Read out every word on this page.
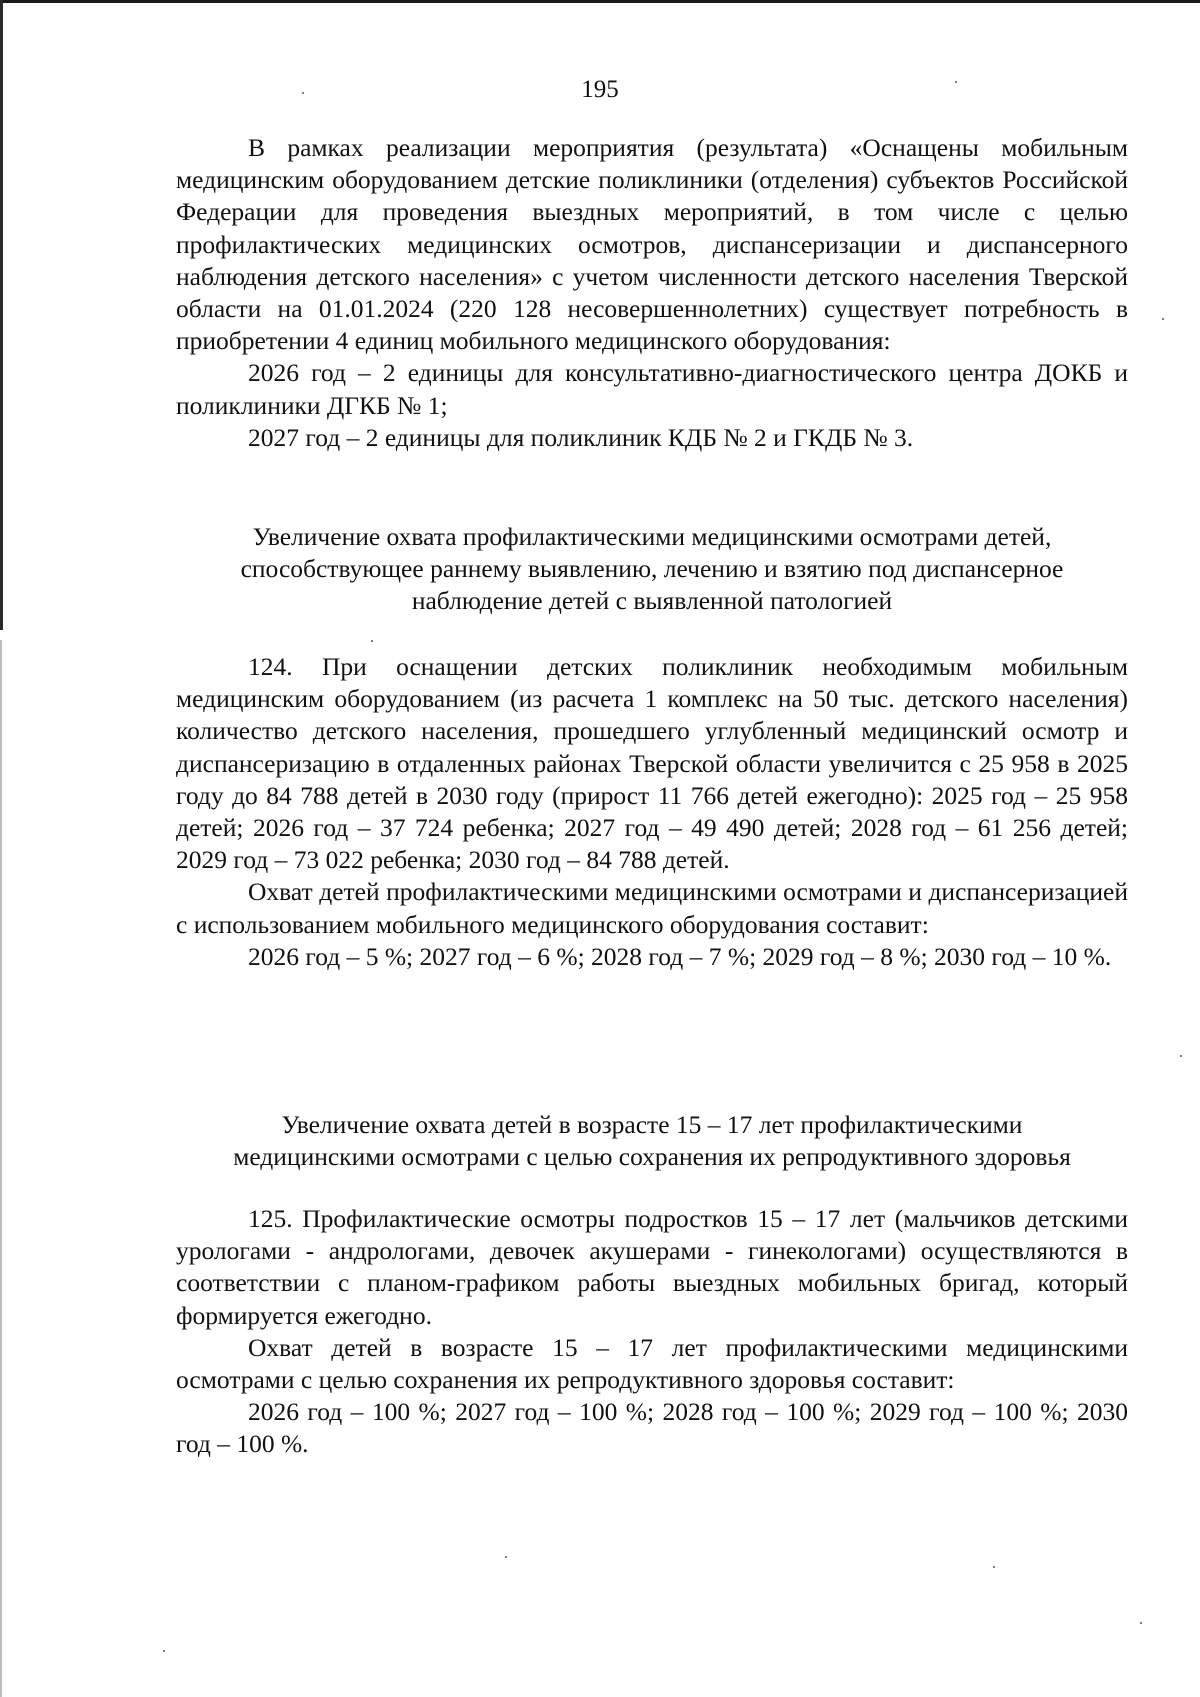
195

В рамках реализации мероприятия (результата) «Оснащены мобильным медицинским оборудованием детские поликлиники (отделения) субъектов Российской Федерации для проведения выездных мероприятий, в том числе с целью профилактических медицинских осмотров, диспансеризации и диспансерного наблюдения детского населения» с учетом численности детского населения Тверской области на 01.01.2024 (220 128 несовершеннолетних) существует потребность в приобретении 4 единиц мобильного медицинского оборудования:

2026 год – 2 единицы для консультативно-диагностического центра ДОКБ и поликлиники ДГКБ № 1;

2027 год – 2 единицы для поликлиник КДБ № 2 и ГКДБ № 3.

Увеличение охвата профилактическими медицинскими осмотрами детей,

способствующее раннему выявлению, лечению и взятию под диспансерное

наблюдение детей с выявленной патологией

124. При оснащении детских поликлиник необходимым мобильным медицинским оборудованием (из расчета 1 комплекс на 50 тыс. детского населения) количество детского населения, прошедшего углубленный медицинский осмотр и диспансеризацию в отдаленных районах Тверской области увеличится с 25 958 в 2025 году до 84 788 детей в 2030 году (прирост 11 766 детей ежегодно): 2025 год – 25 958 детей; 2026 год – 37 724 ребенка; 2027 год – 49 490 детей; 2028 год – 61 256 детей; 2029 год – 73 022 ребенка; 2030 год – 84 788 детей.

Охват детей профилактическими медицинскими осмотрами и диспансеризацией с использованием мобильного медицинского оборудования составит:

2026 год – 5 %; 2027 год – 6 %; 2028 год – 7 %; 2029 год – 8 %; 2030 год – 10 %.

Увеличение охвата детей в возрасте 15 – 17 лет профилактическими

медицинскими осмотрами с целью сохранения их репродуктивного здоровья

125. Профилактические осмотры подростков 15 – 17 лет (мальчиков детскими урологами - андрологами, девочек акушерами - гинекологами) осуществляются в соответствии с планом-графиком работы выездных мобильных бригад, который формируется ежегодно.

Охват детей в возрасте 15 – 17 лет профилактическими медицинскими осмотрами с целью сохранения их репродуктивного здоровья составит:

2026 год – 100 %; 2027 год – 100 %; 2028 год – 100 %; 2029 год – 100 %; 2030 год – 100 %.
